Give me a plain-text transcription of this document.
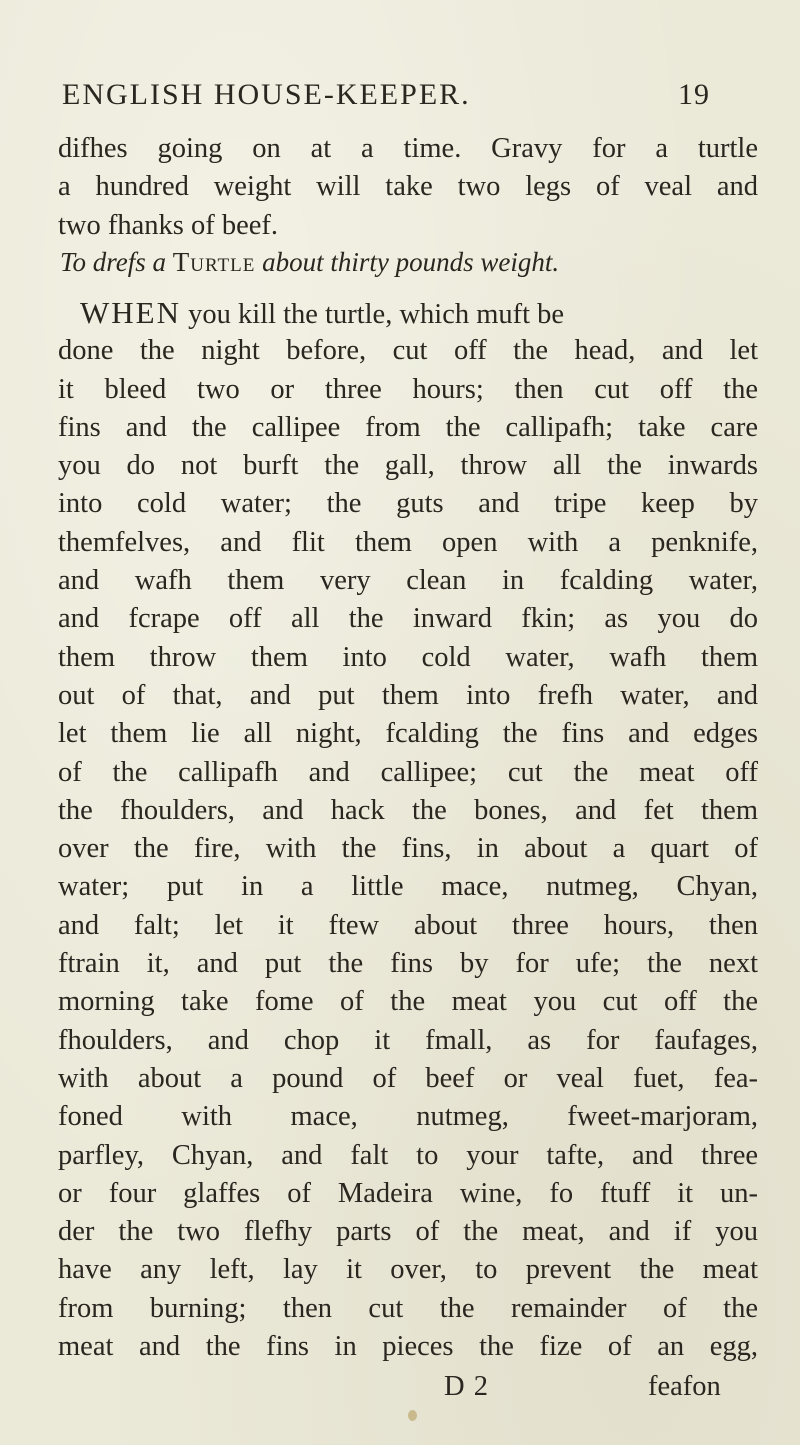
ENGLISH HOUSE-KEEPER.	19
difhes going on at a time. Gravy for a turtle
a hundred weight will take two legs of veal and
two fhanks of beef.
To drefs a Turtle about thirty pounds weight.
WHEN you kill the turtle, which muft be
done the night before, cut off the head, and let
it bleed two or three hours; then cut off the
fins and the callipee from the callipafh; take care
you do not burft the gall, throw all the inwards
into cold water; the guts and tripe keep by
themfelves, and flit them open with a penknife,
and wafh them very clean in fcalding water,
and fcrape off all the inward fkin; as you do
them throw them into cold water, wafh them
out of that, and put them into frefh water, and
let them lie all night, fcalding the fins and edges
of the callipafh and callipee; cut the meat off
the fhoulders, and hack the bones, and fet them
over the fire, with the fins, in about a quart of
water; put in a little mace, nutmeg, Chyan,
and falt; let it ftew about three hours, then
ftrain it, and put the fins by for ufe; the next
morning take fome of the meat you cut off the
fhoulders, and chop it fmall, as for faufages,
with about a pound of beef or veal fuet, fea-
foned with mace, nutmeg, fweet-marjoram,
parfley, Chyan, and falt to your tafte, and three
or four glaffes of Madeira wine, fo ftuff it un-
der the two flefhy parts of the meat, and if you
have any left, lay it over, to prevent the meat
from burning; then cut the remainder of the
meat and the fins in pieces the fize of an egg,
D 2	feafon
